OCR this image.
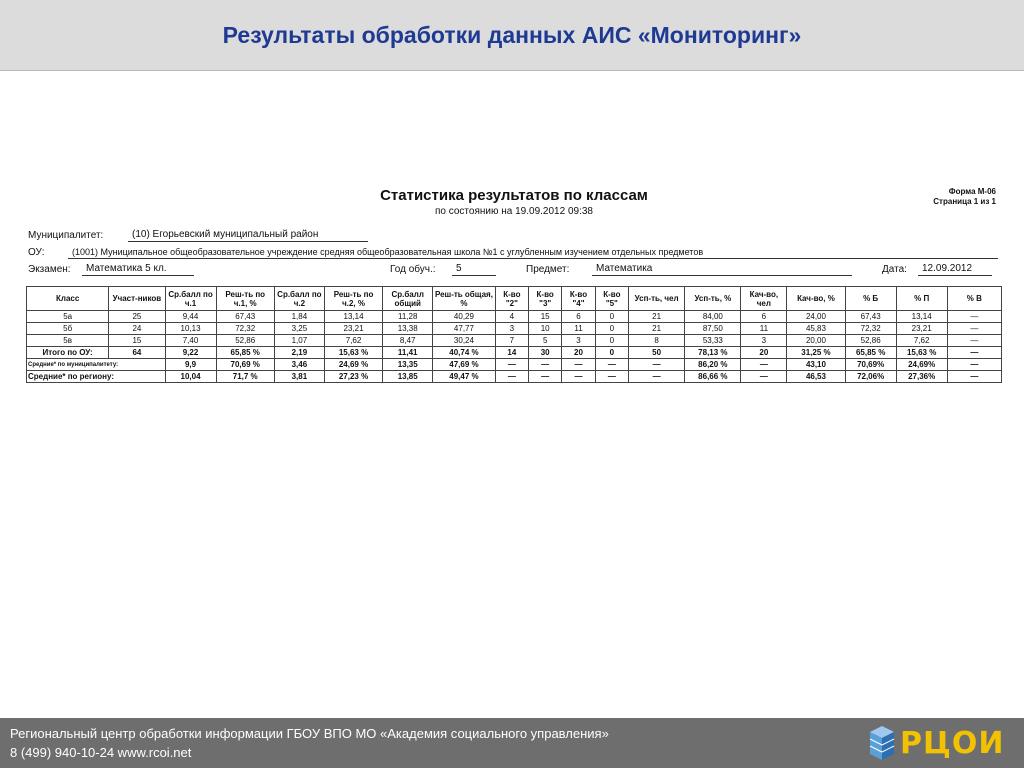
Результаты обработки данных АИС «Мониторинг»
Статистика результатов по классам
по состоянию на 19.09.2012 09:38
Форма М-06
Страница 1 из 1
Муниципалитет:	(10) Егорьевский муниципальный район
ОУ:	(1001) Муниципальное общеобразовательное учреждение средняя общеобразовательная школа №1 с углубленным изучением отдельных предметов
Экзамен:	Математика 5 кл.	Год обуч.:	5	Предмет:	Математика	Дата:	12.09.2012
Класс	Участ-ников	Ср.балл по ч.1	Реш-ть по ч.1, %	Ср.балл по ч.2	Реш-ть по ч.2, %	Ср.балл общий	Реш-ть общая, %	К-во "2"	К-во "3"	К-во "4"	К-во "5"	Усп-ть, чел	Усп-ть, %	Кач-во, чел	Кач-во, %	% Б	% П	% В
5а	25	9,44	67,43	1,84	13,14	11,28	40,29	4	15	6	0	21	84,00	6	24,00	67,43	13,14	—
5б	24	10,13	72,32	3,25	23,21	13,38	47,77	3	10	11	0	21	87,50	11	45,83	72,32	23,21	—
5в	15	7,40	52,86	1,07	7,62	8,47	30,24	7	5	3	0	8	53,33	3	20,00	52,86	7,62	—
Итого по ОУ:	64	9,22	65,85 %	2,19	15,63 %	11,41	40,74 %	14	30	20	0	50	78,13 %	20	31,25 %	65,85 %	15,63 %	—
Средние* по муниципалитету:		9,9	70,69 %	3,46	24,69 %	13,35	47,69 %	—	—	—	—	—	86,20 %	—	43,10	70,69%	24,69%	—
Средние* по региону:		10,04	71,7 %	3,81	27,23 %	13,85	49,47 %	—	—	—	—	—	86,66 %	—	46,53	72,06%	27,36%	—
Региональный центр обработки информации ГБОУ ВПО МО «Академия социального управления»
8 (499) 940-10-24 www.rcoi.net	РЦОИ
